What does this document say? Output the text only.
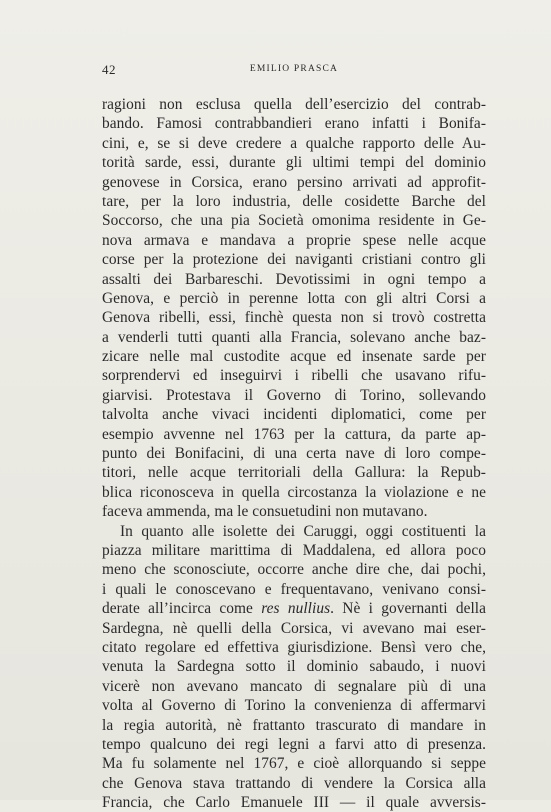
42	EMILIO PRASCA
ragioni non esclusa quella dell’esercizio del contrab-
bando. Famosi contrabbandieri erano infatti i Bonifa-
cini, e, se si deve credere a qualche rapporto delle Au-
torità sarde, essi, durante gli ultimi tempi del dominio
genovese in Corsica, erano persino arrivati ad approfit-
tare, per la loro industria, delle cosidette Barche del
Soccorso, che una pia Società omonima residente in Ge-
nova armava e mandava a proprie spese nelle acque
corse per la protezione dei naviganti cristiani contro gli
assalti dei Barbareschi. Devotissimi in ogni tempo a
Genova, e perciò in perenne lotta con gli altri Corsi a
Genova ribelli, essi, finchè questa non si trovò costretta
a venderli tutti quanti alla Francia, solevano anche baz-
zicare nelle mal custodite acque ed insenate sarde per
sorprendervi ed inseguirvi i ribelli che usavano rifu-
giarvisi. Protestava il Governo di Torino, sollevando
talvolta anche vivaci incidenti diplomatici, come per
esempio avvenne nel 1763 per la cattura, da parte ap-
punto dei Bonifacini, di una certa nave di loro compe-
titori, nelle acque territoriali della Gallura: la Repub-
blica riconosceva in quella circostanza la violazione e ne
faceva ammenda, ma le consuetudini non mutavano.
In quanto alle isolette dei Caruggi, oggi costituenti la
piazza militare marittima di Maddalena, ed allora poco
meno che sconosciute, occorre anche dire che, dai pochi,
i quali le conoscevano e frequentavano, venivano consi-
derate all’incirca come res nullius. Nè i governanti della
Sardegna, nè quelli della Corsica, vi avevano mai eser-
citato regolare ed effettiva giurisdizione. Bensì vero che,
venuta la Sardegna sotto il dominio sabaudo, i nuovi
vicerè non avevano mancato di segnalare più di una
volta al Governo di Torino la convenienza di affermarvi
la regia autorità, nè frattanto trascurato di mandare in
tempo qualcuno dei regi legni a farvi atto di presenza.
Ma fu solamente nel 1767, e cioè allorquando si seppe
che Genova stava trattando di vendere la Corsica alla
Francia, che Carlo Emanuele III — il quale avversis-
